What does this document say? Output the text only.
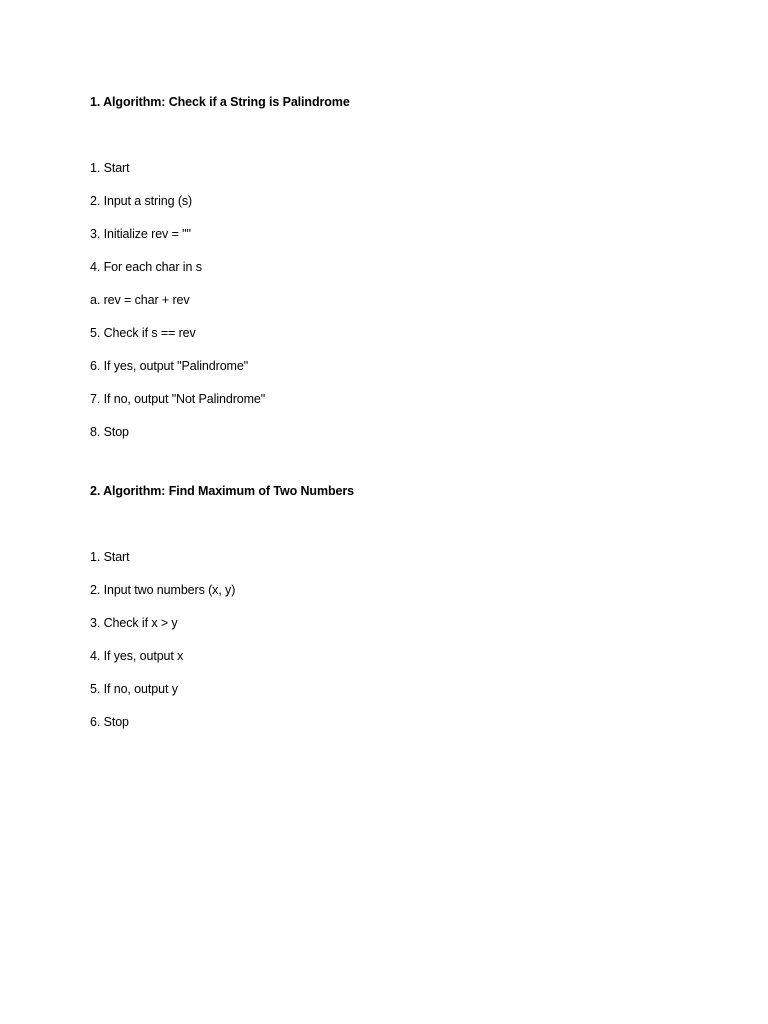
1. Algorithm: Check if a String is Palindrome
1. Start
2. Input a string (s)
3. Initialize rev = ""
4. For each char in s
a. rev = char + rev
5. Check if s == rev
6. If yes, output "Palindrome"
7. If no, output "Not Palindrome"
8. Stop
2. Algorithm: Find Maximum of Two Numbers
1. Start
2. Input two numbers (x, y)
3. Check if x > y
4. If yes, output x
5. If no, output y
6. Stop
